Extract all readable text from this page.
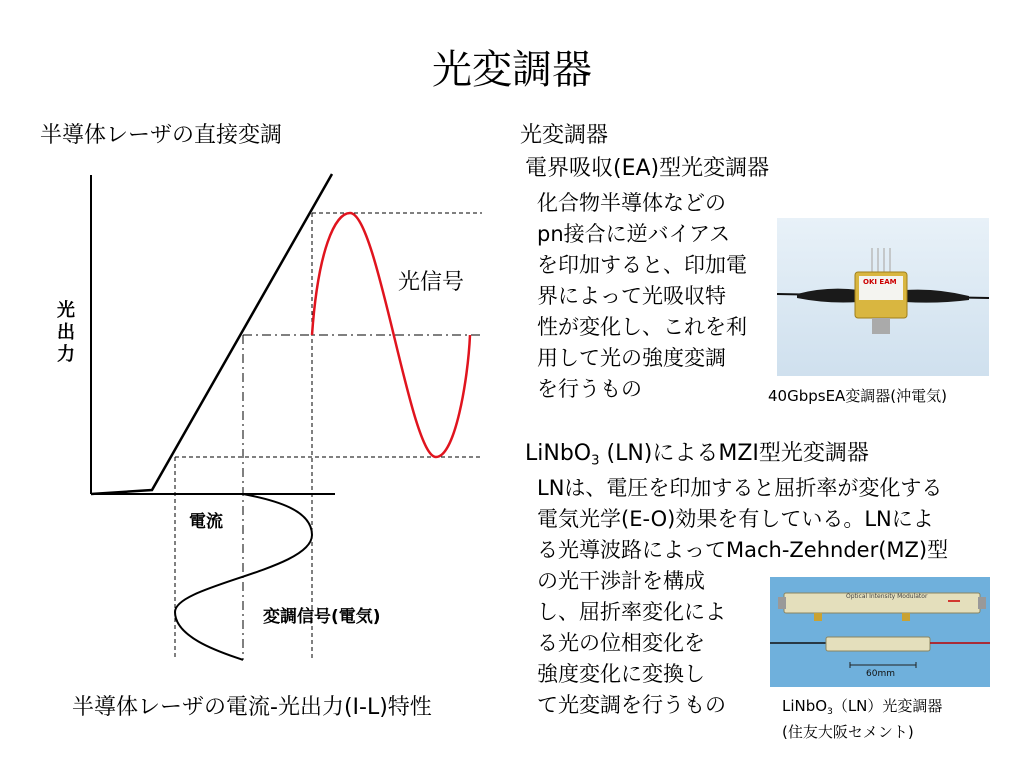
光変調器
半導体レーザの直接変調
光出力
光信号
電流
変調信号(電気)
半導体レーザの電流-光出力(I-L)特性
光変調器
電界吸収(EA)型光変調器
化合物半導体などの
pn接合に逆バイアス
を印加すると、印加電
界によって光吸収特
性が変化し、これを利
用して光の強度変調
を行うもの
OKI EAM
40GbpsEA変調器(沖電気)
LiNbO$_3$ (LN)によるMZI型光変調器
LNは、電圧を印加すると屈折率が変化する
電気光学(E-O)効果を有している。LNによ
る光導波路によってMach-Zehnder(MZ)型
の光干渉計を構成
し、屈折率変化によ
る光の位相変化を
強度変化に変換し
て光変調を行うもの
Optical Intensity Modulator
60mm
LiNbO$_3$（LN）光変調器
(住友大阪セメント)
